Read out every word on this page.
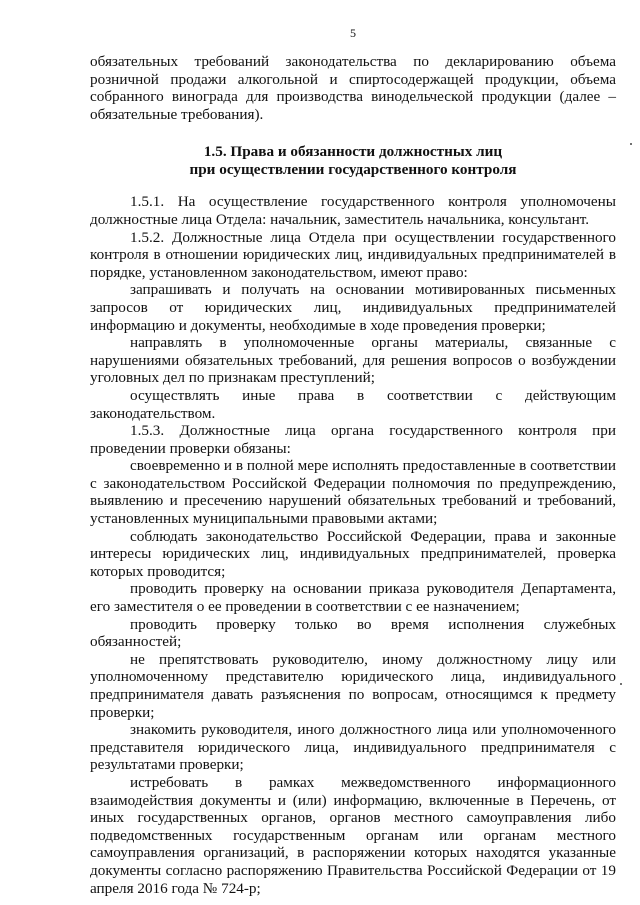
5

обязательных требований законодательства по декларированию объема розничной продажи алкогольной и спиртосодержащей продукции, объема собранного винограда для производства винодельческой продукции (далее – обязательные требования).

1.5. Права и обязанности должностных лиц
при осуществлении государственного контроля

1.5.1. На осуществление государственного контроля уполномочены должностные лица Отдела: начальник, заместитель начальника, консультант.

1.5.2. Должностные лица Отдела при осуществлении государственного контроля в отношении юридических лиц, индивидуальных предпринимателей в порядке, установленном законодательством, имеют право:

запрашивать и получать на основании мотивированных письменных запросов от юридических лиц, индивидуальных предпринимателей информацию и документы, необходимые в ходе проведения проверки;

направлять в уполномоченные органы материалы, связанные с нарушениями обязательных требований, для решения вопросов о возбуждении уголовных дел по признакам преступлений;

осуществлять иные права в соответствии с действующим законодательством.

1.5.3. Должностные лица органа государственного контроля при проведении проверки обязаны:

своевременно и в полной мере исполнять предоставленные в соответствии с законодательством Российской Федерации полномочия по предупреждению, выявлению и пресечению нарушений обязательных требований и требований, установленных муниципальными правовыми актами;

соблюдать законодательство Российской Федерации, права и законные интересы юридических лиц, индивидуальных предпринимателей, проверка которых проводится;

проводить проверку на основании приказа руководителя Департамента, его заместителя о ее проведении в соответствии с ее назначением;

проводить проверку только во время исполнения служебных обязанностей;

не препятствовать руководителю, иному должностному лицу или уполномоченному представителю юридического лица, индивидуального предпринимателя давать разъяснения по вопросам, относящимся к предмету проверки;

знакомить руководителя, иного должностного лица или уполномоченного представителя юридического лица, индивидуального предпринимателя с результатами проверки;

истребовать в рамках межведомственного информационного взаимодействия документы и (или) информацию, включенные в Перечень, от иных государственных органов, органов местного самоуправления либо подведомственных государственным органам или органам местного самоуправления организаций, в распоряжении которых находятся указанные документы согласно распоряжению Правительства Российской Федерации от 19 апреля 2016 года № 724-р;
